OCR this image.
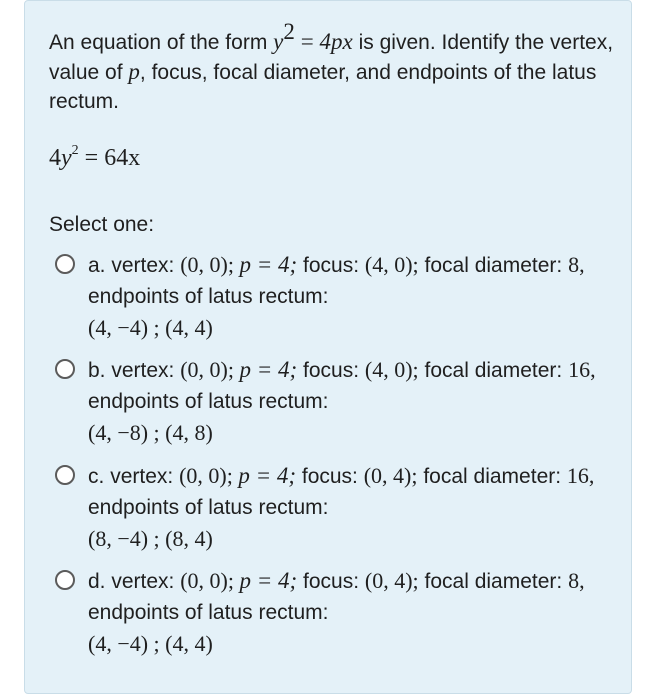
An equation of the form $y^2 = 4px$ is given. Identify the vertex, value of p, focus, focal diameter, and endpoints of the latus rectum.
$4y^2 = 64x$
Select one:
a. vertex: (0, 0); p = 4; focus: (4, 0); focal diameter: 8, endpoints of latus rectum:
(4, −4) ; (4, 4)
b. vertex: (0, 0); p = 4; focus: (4, 0); focal diameter: 16, endpoints of latus rectum:
(4, −8) ; (4, 8)
c. vertex: (0, 0); p = 4; focus: (0, 4); focal diameter: 16, endpoints of latus rectum:
(8, −4) ; (8, 4)
d. vertex: (0, 0); p = 4; focus: (0, 4); focal diameter: 8, endpoints of latus rectum:
(4, −4) ; (4, 4)
